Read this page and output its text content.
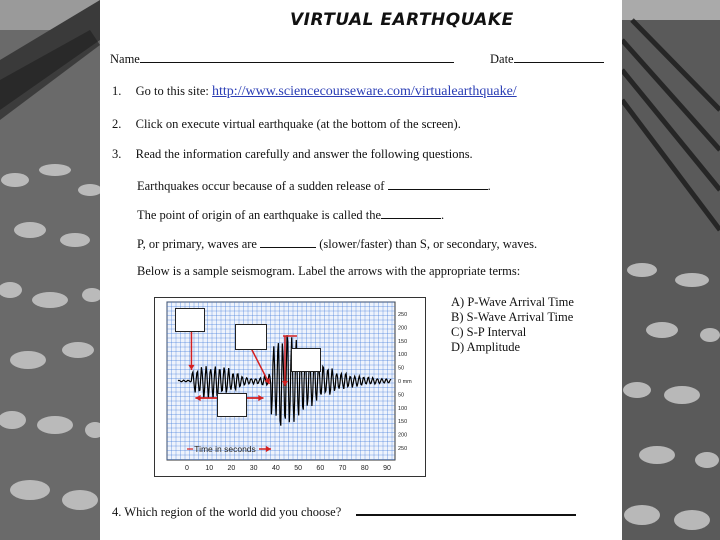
VIRTUAL EARTHQUAKE
Name	Date
1. Go to this site: http://www.sciencecourseware.com/virtualearthquake/
2. Click on execute virtual earthquake (at the bottom of the screen).
3. Read the information carefully and answer the following questions.
Earthquakes occur because of a sudden release of	.
The point of origin of an earthquake is called the	.
P, or primary, waves are	(slower/faster) than S, or secondary, waves.
Below is a sample seismogram. Label the arrows with the appropriate terms:
250
200
150
100
50
0 mm
50
100
150
200
250
0 10 20 30 40 50 60 70 80 90
Time in seconds
A) P-Wave Arrival Time
B) S-Wave Arrival Time
C) S-P Interval
D) Amplitude
4. Which region of the world did you choose?
